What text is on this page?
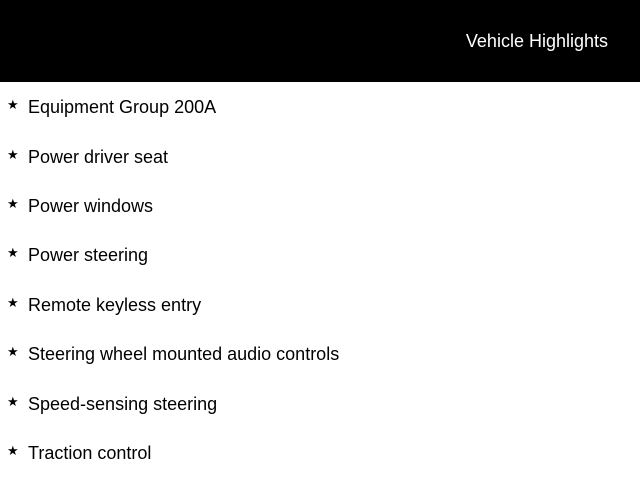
Vehicle Highlights
★ Equipment Group 200A
★ Power driver seat
★ Power windows
★ Power steering
★ Remote keyless entry
★ Steering wheel mounted audio controls
★ Speed-sensing steering
★ Traction control
